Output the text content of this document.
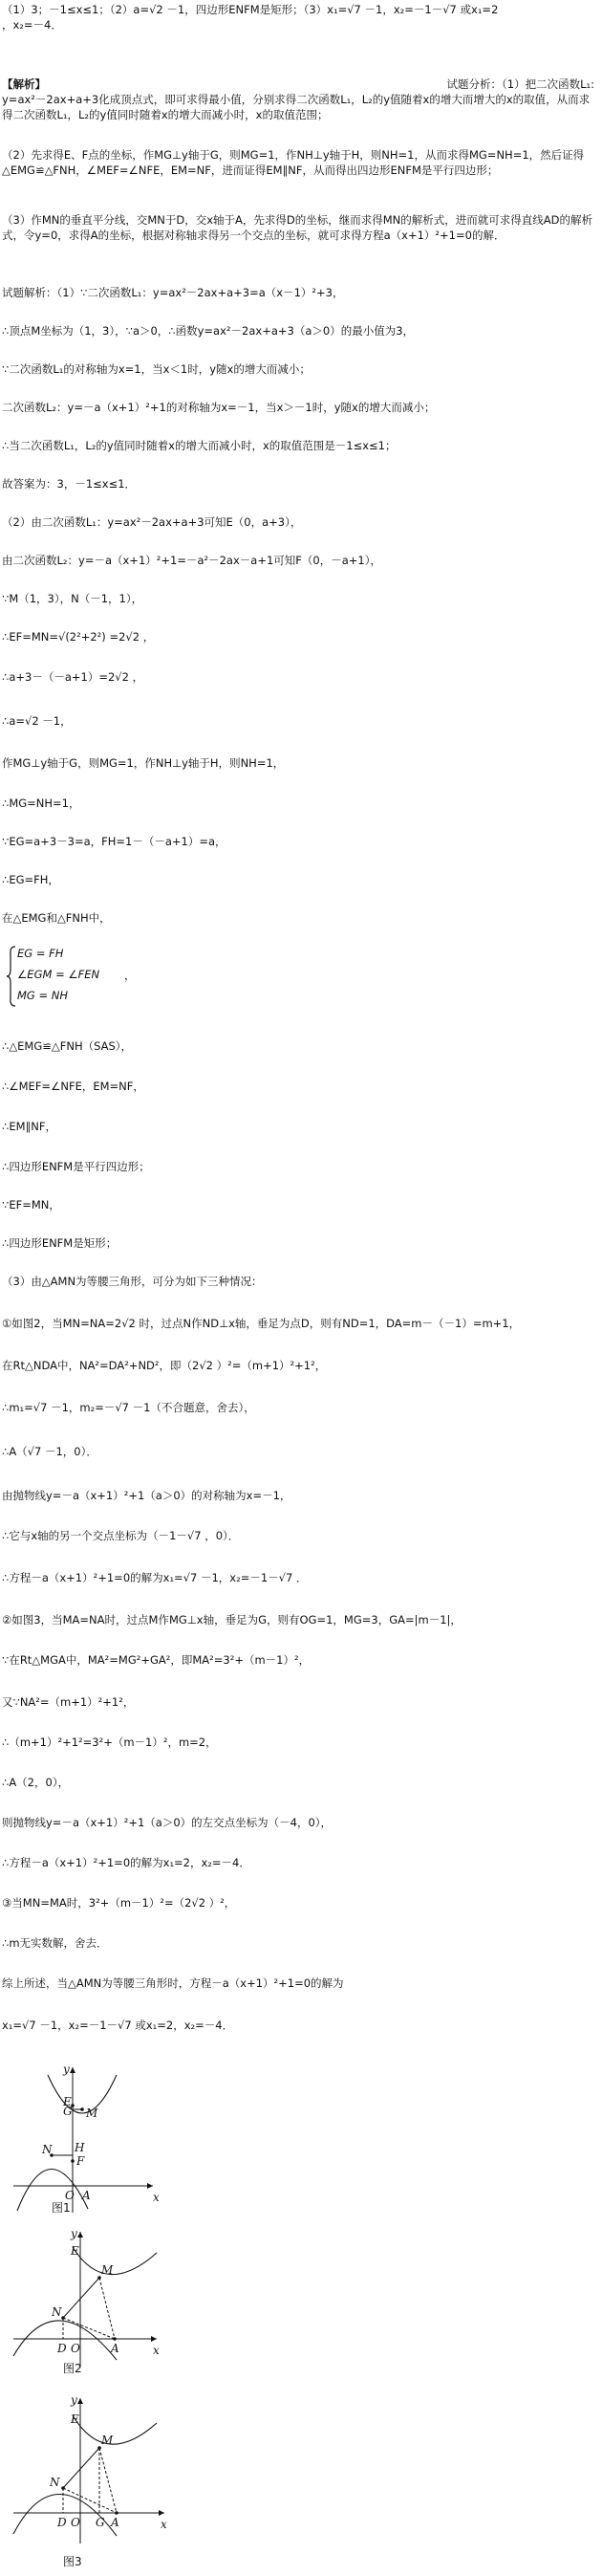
（1）3；－1≤x≤1；（2）a=√2 －1，四边形ENFM是矩形；（3）x₁=√7 －1，x₂=－1－√7 或x₁=2
，x₂=－4．
【解析】	试题分析：（1）把二次函数L₁:
y=ax²－2ax+a+3化成顶点式，即可求得最小值，分别求得二次函数L₁，L₂的y值随着x的增大而增大的x的取值，从而求得二次函数L₁，L₂的y值同时随着x的增大而减小时，x的取值范围；
（2）先求得E、F点的坐标，作MG⊥y轴于G，则MG=1，作NH⊥y轴于H，则NH=1，从而求得MG=NH=1，然后证得△EMG≌△FNH，∠MEF=∠NFE，EM=NF，进而证得EM∥NF，从而得出四边形ENFM是平行四边形；
（3）作MN的垂直平分线，交MN于D，交x轴于A，先求得D的坐标，继而求得MN的解析式，进而就可求得直线AD的解析式，令y=0，求得A的坐标，根据对称轴求得另一个交点的坐标，就可求得方程a（x+1）²+1=0的解．
试题解析：（1）∵二次函数L₁：y=ax²－2ax+a+3=a（x－1）²+3，
∴顶点M坐标为（1，3），∵a＞0，∴函数y=ax²－2ax+a+3（a＞0）的最小值为3，
∵二次函数L₁的对称轴为x=1，当x＜1时，y随x的增大而减小；
二次函数L₂：y=－a（x+1）²+1的对称轴为x=－1，当x＞－1时，y随x的增大而减小；
∴当二次函数L₁，L₂的y值同时随着x的增大而减小时，x的取值范围是－1≤x≤1；
故答案为：3，－1≤x≤1．
（2）由二次函数L₁：y=ax²－2ax+a+3可知E（0，a+3），
由二次函数L₂：y=－a（x+1）²+1=－a²－2ax－a+1可知F（0，－a+1），
∵M（1，3），N（－1，1），
∴EF=MN=√(2²+2²) =2√2 ，
∴a+3－（－a+1）=2√2 ，
∴a=√2 －1，
作MG⊥y轴于G，则MG=1，作NH⊥y轴于H，则NH=1，
∴MG=NH=1，
∵EG=a+3－3=a，FH=1－（－a+1）=a，
∴EG=FH，
在△EMG和△FNH中，
EG = FH
∠EGM = ∠FEN
MG = NH
，
∴△EMG≌△FNH（SAS），
∴∠MEF=∠NFE，EM=NF，
∴EM∥NF，
∴四边形ENFM是平行四边形；
∵EF=MN，
∴四边形ENFM是矩形；
（3）由△AMN为等腰三角形，可分为如下三种情况：
①如图2，当MN=NA=2√2 时，过点N作ND⊥x轴，垂足为点D，则有ND=1，DA=m－（－1）=m+1，
在Rt△NDA中，NA²=DA²+ND²，即（2√2 ）²=（m+1）²+1²，
∴m₁=√7 －1，m₂=－√7 －1（不合题意，舍去），
∴A（√7 －1，0）．
由抛物线y=－a（x+1）²+1（a＞0）的对称轴为x=－1，
∴它与x轴的另一个交点坐标为（－1－√7 ，0）．
∴方程－a（x+1）²+1=0的解为x₁=√7 －1，x₂=－1－√7 ．
②如图3，当MA=NA时，过点M作MG⊥x轴，垂足为G，则有OG=1，MG=3，GA=|m－1|，
∵在Rt△MGA中，MA²=MG²+GA²，即MA²=3²+（m－1）²，
又∵NA²=（m+1）²+1²，
∴（m+1）²+1²=3²+（m－1）²，m=2，
∴A（2，0），
则抛物线y=－a（x+1）²+1（a＞0）的左交点坐标为（－4，0），
∴方程－a（x+1）²+1=0的解为x₁=2，x₂=－4．
③当MN=MA时，3²+（m－1）²=（2√2 ）²，
∴m无实数解，舍去．
综上所述，当△AMN为等腰三角形时，方程－a（x+1）²+1=0的解为
x₁=√7 －1，x₂=－1－√7 或x₁=2，x₂=－4．
y
x
E
G M
N H
F
O A
图1
y
x
E
M
N
D O	A
图2
y
x
E
M
N
D O G A
图3
